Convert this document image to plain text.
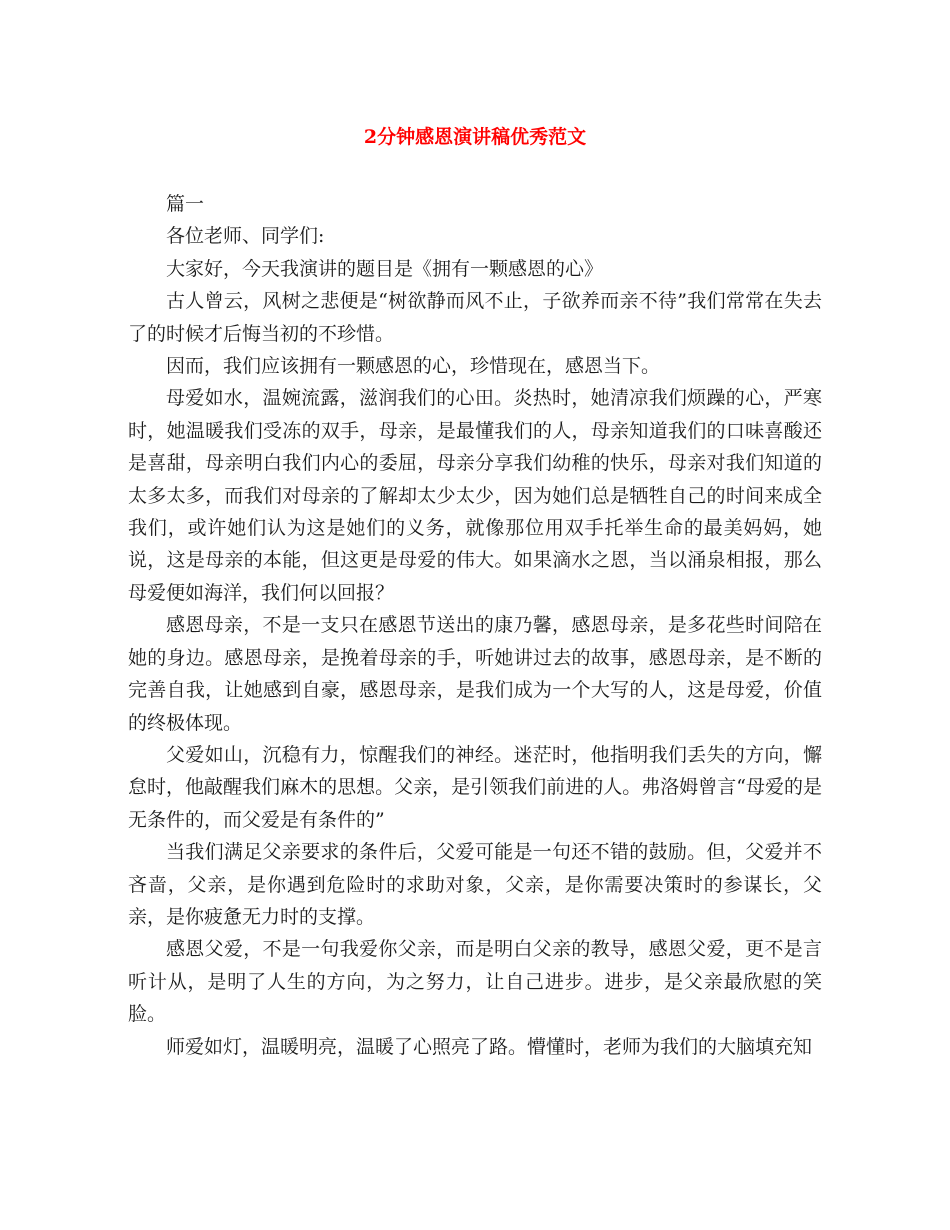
2分钟感恩演讲稿优秀范文

篇一

各位老师、同学们:

大家好，今天我演讲的题目是《拥有一颗感恩的心》

古人曾云，风树之悲便是“树欲静而风不止，子欲养而亲不待”我们常常在失去了的时候才后悔当初的不珍惜。

因而，我们应该拥有一颗感恩的心，珍惜现在，感恩当下。

母爱如水，温婉流露，滋润我们的心田。炎热时，她清凉我们烦躁的心，严寒时，她温暖我们受冻的双手，母亲，是最懂我们的人，母亲知道我们的口味喜酸还是喜甜，母亲明白我们内心的委屈，母亲分享我们幼稚的快乐，母亲对我们知道的太多太多，而我们对母亲的了解却太少太少，因为她们总是牺牲自己的时间来成全我们，或许她们认为这是她们的义务，就像那位用双手托举生命的最美妈妈，她说，这是母亲的本能，但这更是母爱的伟大。如果滴水之恩，当以涌泉相报，那么母爱便如海洋，我们何以回报？

感恩母亲，不是一支只在感恩节送出的康乃馨，感恩母亲，是多花些时间陪在她的身边。感恩母亲，是挽着母亲的手，听她讲过去的故事，感恩母亲，是不断的完善自我，让她感到自豪，感恩母亲，是我们成为一个大写的人，这是母爱，价值的终极体现。

父爱如山，沉稳有力，惊醒我们的神经。迷茫时，他指明我们丢失的方向，懈怠时，他敲醒我们麻木的思想。父亲，是引领我们前进的人。弗洛姆曾言“母爱的是无条件的，而父爱是有条件的”

当我们满足父亲要求的条件后，父爱可能是一句还不错的鼓励。但，父爱并不吝啬，父亲，是你遇到危险时的求助对象，父亲，是你需要决策时的参谋长，父亲，是你疲惫无力时的支撑。

感恩父爱，不是一句我爱你父亲，而是明白父亲的教导，感恩父爱，更不是言听计从，是明了人生的方向，为之努力，让自己进步。进步，是父亲最欣慰的笑脸。

师爱如灯，温暖明亮，温暖了心照亮了路。懵懂时，老师为我们的大脑填充知
